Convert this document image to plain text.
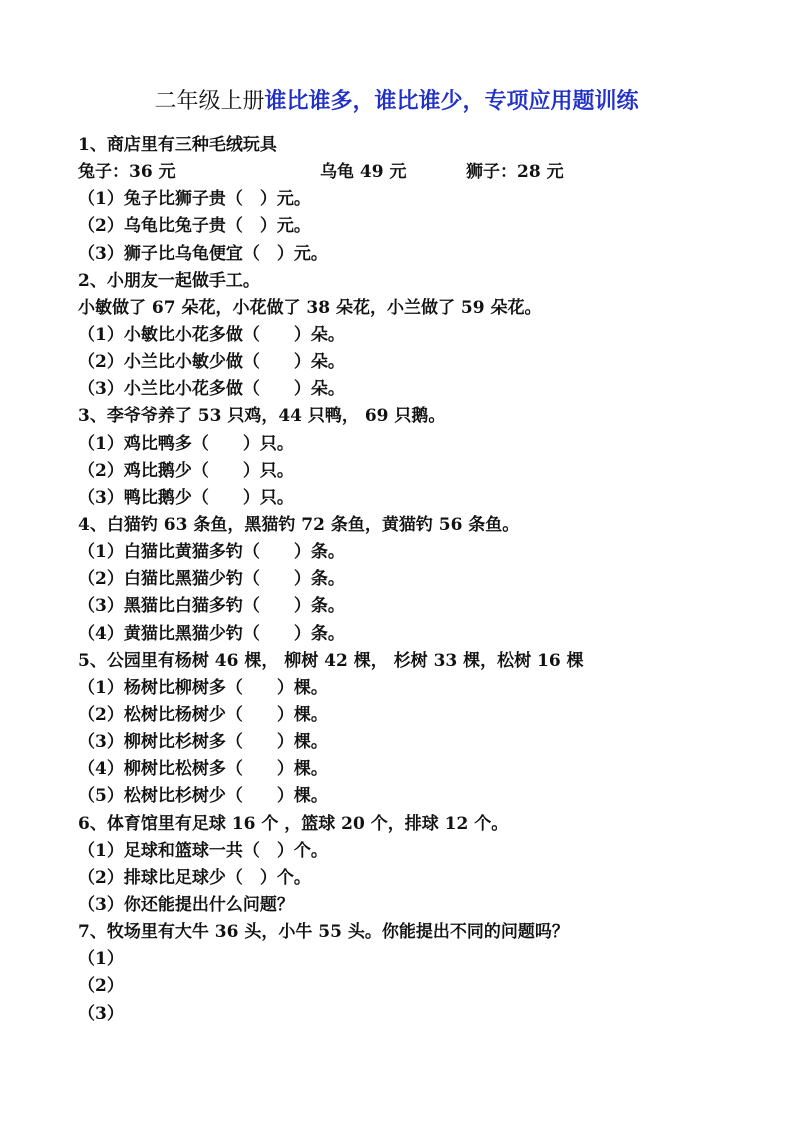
二年级上册谁比谁多，谁比谁少，专项应用题训练
1、商店里有三种毛绒玩具
兔子：36 元	乌龟 49 元	狮子：28 元
（1）兔子比狮子贵（　）元。
（2）乌龟比兔子贵（　）元。
（3）狮子比乌龟便宜（　）元。
2、小朋友一起做手工。
小敏做了 67 朵花，小花做了 38 朵花，小兰做了 59 朵花。
（1）小敏比小花多做（　　）朵。
（2）小兰比小敏少做（　　）朵。
（3）小兰比小花多做（　　）朵。
3、李爷爷养了 53 只鸡，44 只鸭， 69 只鹅。
（1）鸡比鸭多（　　）只。
（2）鸡比鹅少（　　）只。
（3）鸭比鹅少（　　）只。
4、白猫钓 63 条鱼，黑猫钓 72 条鱼，黄猫钓 56 条鱼。
（1）白猫比黄猫多钓（　　）条。
（2）白猫比黑猫少钓（　　）条。
（3）黑猫比白猫多钓（　　）条。
（4）黄猫比黑猫少钓（　　）条。
5、公园里有杨树 46 棵， 柳树 42 棵， 杉树 33 棵，松树 16 棵
（1）杨树比柳树多（　　）棵。
（2）松树比杨树少（　　）棵。
（3）柳树比杉树多（　　）棵。
（4）柳树比松树多（　　）棵。
（5）松树比杉树少（　　）棵。
6、体育馆里有足球 16 个 ，篮球 20 个，排球 12 个。
（1）足球和篮球一共（　）个。
（2）排球比足球少（　）个。
（3）你还能提出什么问题？
7、牧场里有大牛 36 头，小牛 55 头。你能提出不同的问题吗？
（1）
（2）
（3）
